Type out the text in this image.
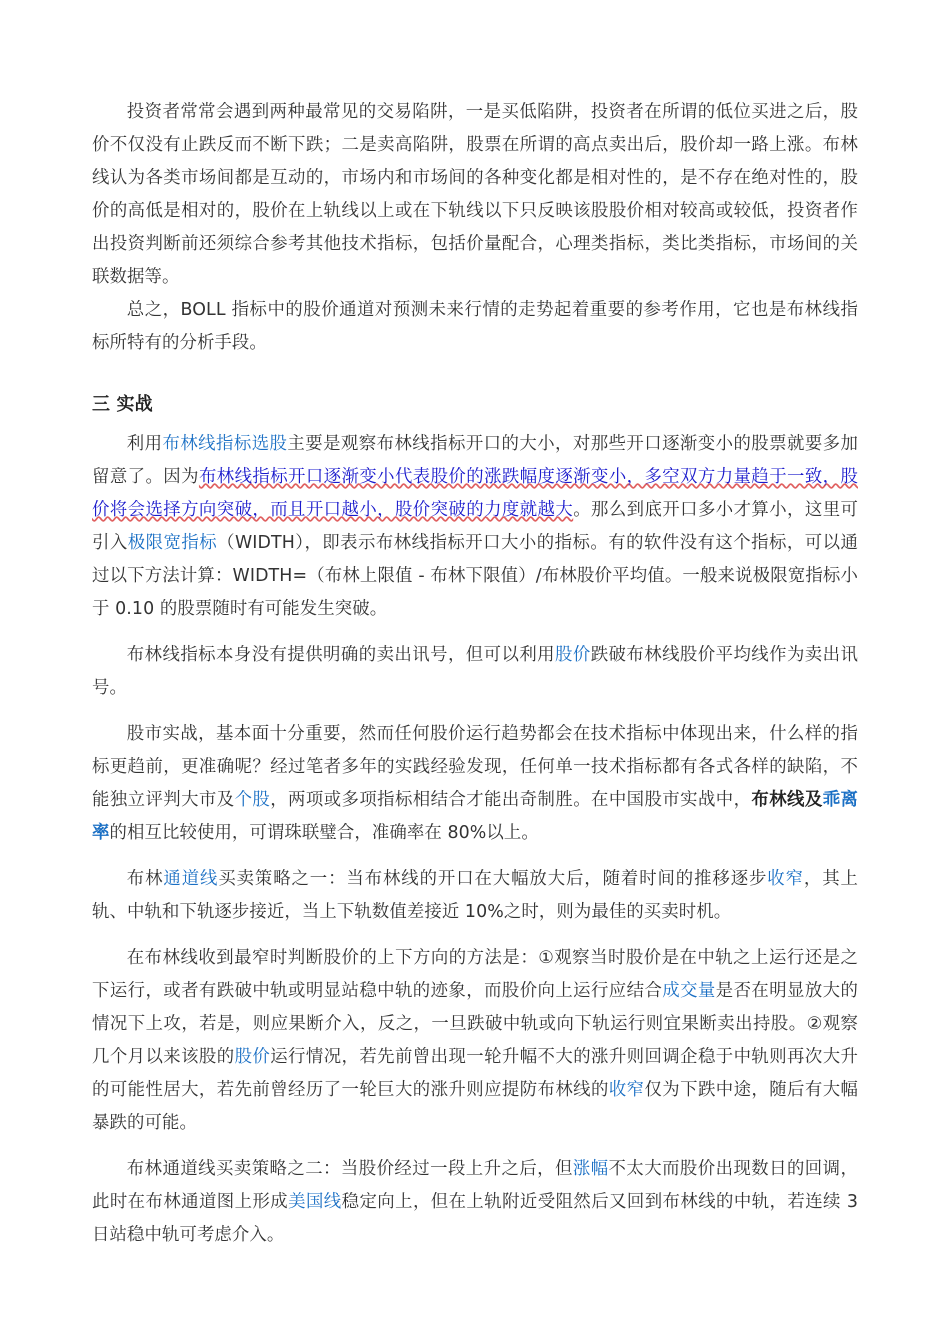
投资者常常会遇到两种最常见的交易陷阱，一是买低陷阱，投资者在所谓的低位买进之后，股价不仅没有止跌反而不断下跌；二是卖高陷阱，股票在所谓的高点卖出后，股价却一路上涨。布林线认为各类市场间都是互动的，市场内和市场间的各种变化都是相对性的，是不存在绝对性的，股价的高低是相对的，股价在上轨线以上或在下轨线以下只反映该股股价相对较高或较低，投资者作出投资判断前还须综合参考其他技术指标，包括价量配合，心理类指标，类比类指标，市场间的关联数据等。

总之，BOLL 指标中的股价通道对预测未来行情的走势起着重要的参考作用，它也是布林线指标所特有的分析手段。

三 实战

利用布林线指标选股主要是观察布林线指标开口的大小，对那些开口逐渐变小的股票就要多加留意了。因为布林线指标开口逐渐变小代表股价的涨跌幅度逐渐变小，多空双方力量趋于一致，股价将会选择方向突破，而且开口越小，股价突破的力度就越大。那么到底开口多小才算小，这里可引入极限宽指标（WIDTH），即表示布林线指标开口大小的指标。有的软件没有这个指标，可以通过以下方法计算：WIDTH=（布林上限值 - 布林下限值）/布林股价平均值。一般来说极限宽指标小于 0.10 的股票随时有可能发生突破。

布林线指标本身没有提供明确的卖出讯号，但可以利用股价跌破布林线股价平均线作为卖出讯号。

股市实战，基本面十分重要，然而任何股价运行趋势都会在技术指标中体现出来，什么样的指标更趋前，更准确呢？经过笔者多年的实践经验发现，任何单一技术指标都有各式各样的缺陷，不能独立评判大市及个股，两项或多项指标相结合才能出奇制胜。在中国股市实战中，布林线及乖离率的相互比较使用，可谓珠联璧合，准确率在 80%以上。

布林通道线买卖策略之一：当布林线的开口在大幅放大后，随着时间的推移逐步收窄，其上轨、中轨和下轨逐步接近，当上下轨数值差接近 10%之时，则为最佳的买卖时机。

在布林线收到最窄时判断股价的上下方向的方法是：①观察当时股价是在中轨之上运行还是之下运行，或者有跌破中轨或明显站稳中轨的迹象，而股价向上运行应结合成交量是否在明显放大的情况下上攻，若是，则应果断介入，反之，一旦跌破中轨或向下轨运行则宜果断卖出持股。②观察几个月以来该股的股价运行情况，若先前曾出现一轮升幅不大的涨升则回调企稳于中轨则再次大升的可能性居大，若先前曾经历了一轮巨大的涨升则应提防布林线的收窄仅为下跌中途，随后有大幅暴跌的可能。

布林通道线买卖策略之二：当股价经过一段上升之后，但涨幅不太大而股价出现数日的回调，此时在布林通道图上形成美国线稳定向上，但在上轨附近受阻然后又回到布林线的中轨，若连续 3 日站稳中轨可考虑介入。
